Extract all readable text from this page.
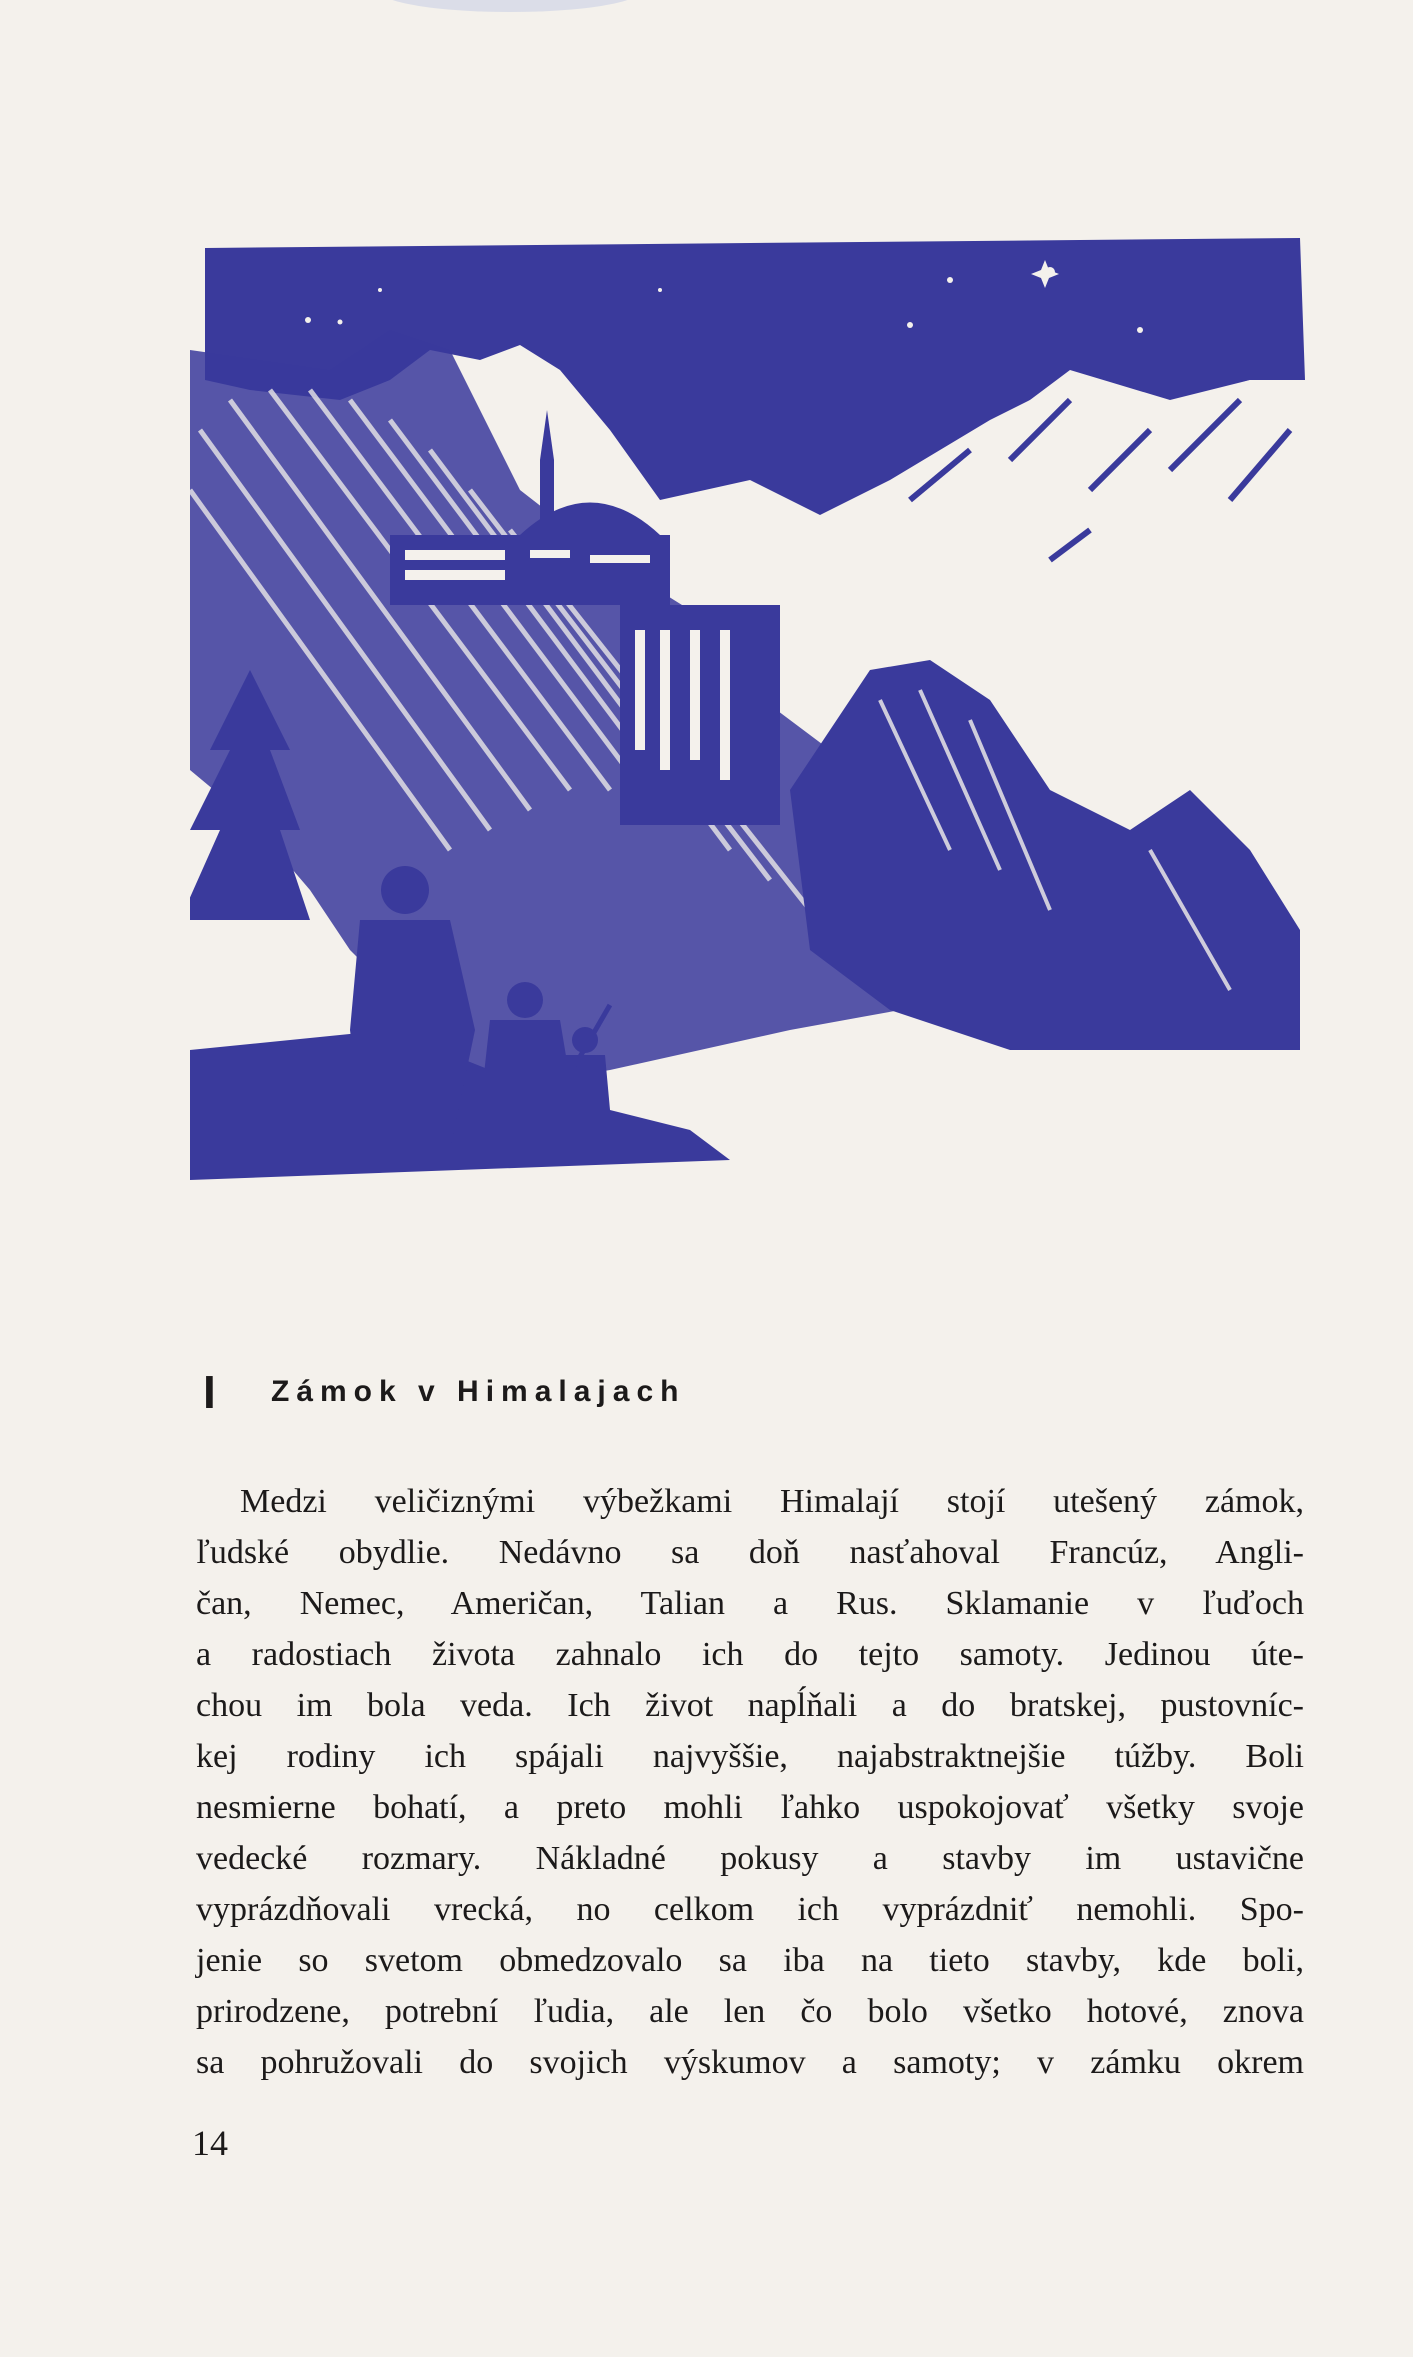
I	Zámok v Himalajach
Medzi veličiznými výbežkami Himalají stojí utešený zámok,
ľudské obydlie. Nedávno sa doň nasťahoval Francúz, Angli-
čan, Nemec, Američan, Talian a Rus. Sklamanie v ľuďoch
a radostiach života zahnalo ich do tejto samoty. Jedinou úte-
chou im bola veda. Ich život napĺňali a do bratskej, pustovníc-
kej rodiny ich spájali najvyššie, najabstraktnejšie túžby. Boli
nesmierne bohatí, a preto mohli ľahko uspokojovať všetky svoje
vedecké rozmary. Nákladné pokusy a stavby im ustavične
vyprázdňovali vrecká, no celkom ich vyprázdniť nemohli. Spo-
jenie so svetom obmedzovalo sa iba na tieto stavby, kde boli,
prirodzene, potrební ľudia, ale len čo bolo všetko hotové, znova
sa pohružovali do svojich výskumov a samoty; v zámku okrem
14
